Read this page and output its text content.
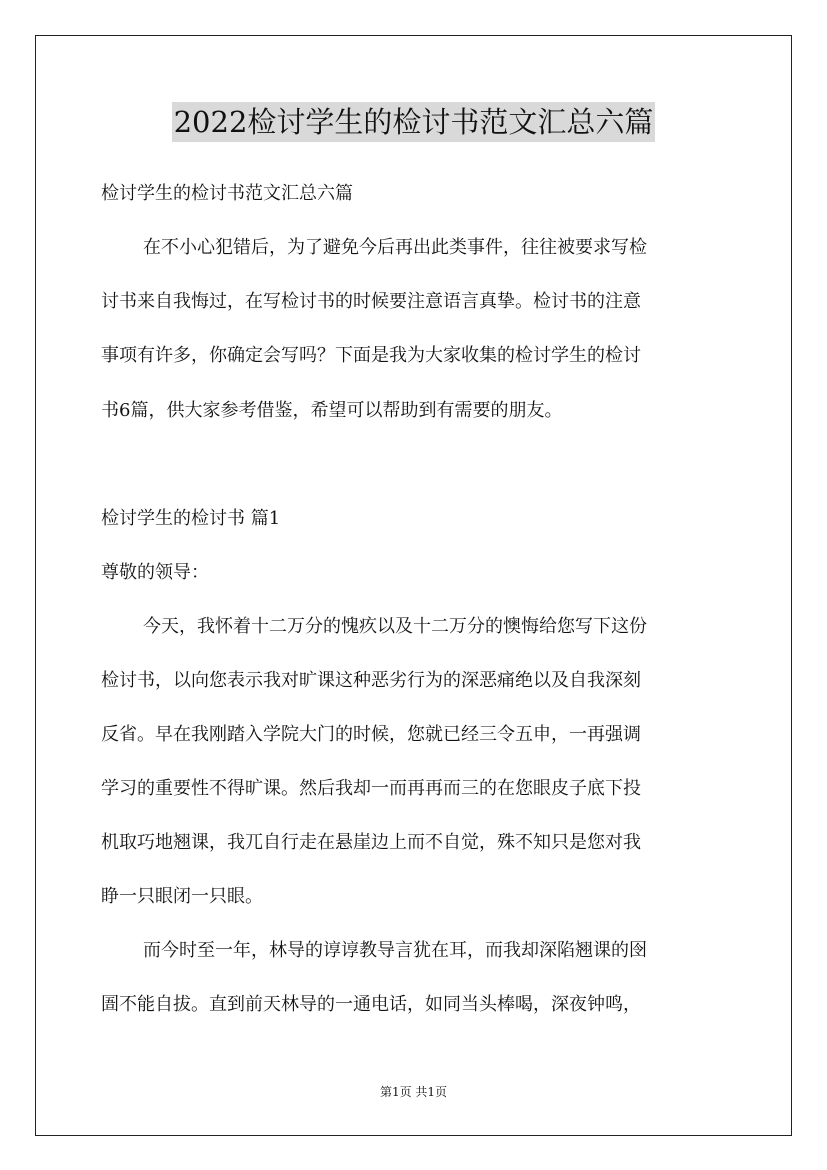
2022检讨学生的检讨书范文汇总六篇
检讨学生的检讨书范文汇总六篇
在不小心犯错后，为了避免今后再出此类事件，往往被要求写检
讨书来自我悔过，在写检讨书的时候要注意语言真挚。检讨书的注意
事项有许多，你确定会写吗？下面是我为大家收集的检讨学生的检讨
书6篇，供大家参考借鉴，希望可以帮助到有需要的朋友。
检讨学生的检讨书 篇1
尊敬的领导：
今天，我怀着十二万分的愧疚以及十二万分的懊悔给您写下这份
检讨书，以向您表示我对旷课这种恶劣行为的深恶痛绝以及自我深刻
反省。早在我刚踏入学院大门的时候，您就已经三令五申，一再强调
学习的重要性不得旷课。然后我却一而再再而三的在您眼皮子底下投
机取巧地翘课，我兀自行走在悬崖边上而不自觉，殊不知只是您对我
睁一只眼闭一只眼。
而今时至一年，林导的谆谆教导言犹在耳，而我却深陷翘课的囹
圄不能自拔。直到前天林导的一通电话，如同当头棒喝，深夜钟鸣，
第1页 共1页
